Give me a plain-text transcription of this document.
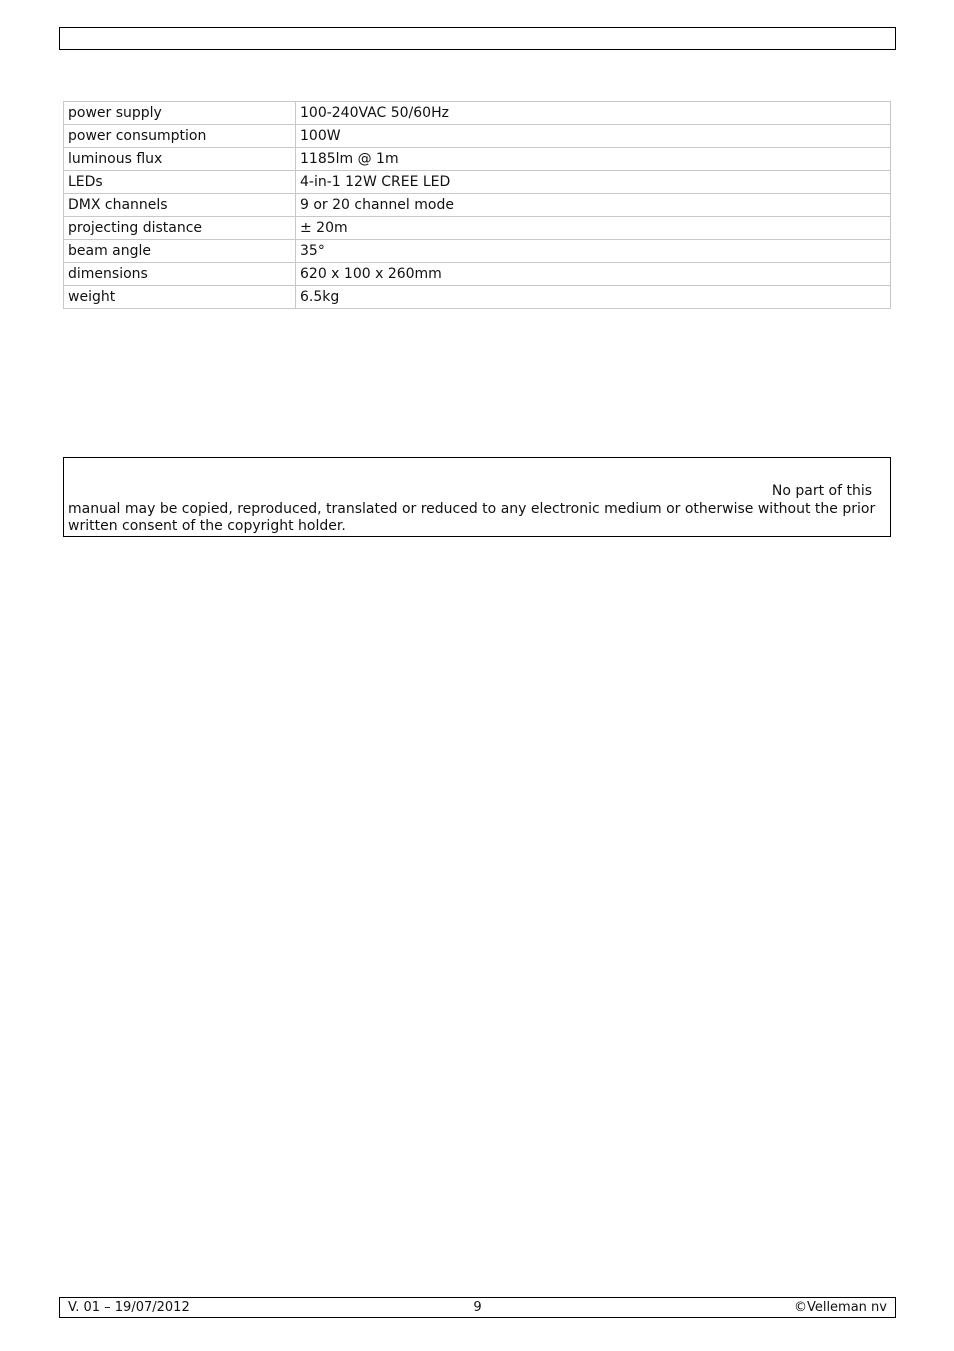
power supply	100-240VAC 50/60Hz
power consumption	100W
luminous flux	1185lm @ 1m
LEDs	4-in-1 12W CREE LED
DMX channels	9 or 20 channel mode
projecting distance	± 20m
beam angle	35°
dimensions	620 x 100 x 260mm
weight	6.5kg
No part of this
manual may be copied, reproduced, translated or reduced to any electronic medium or otherwise without the prior written consent of the copyright holder.
V. 01 – 19/07/2012	9	©Velleman nv
